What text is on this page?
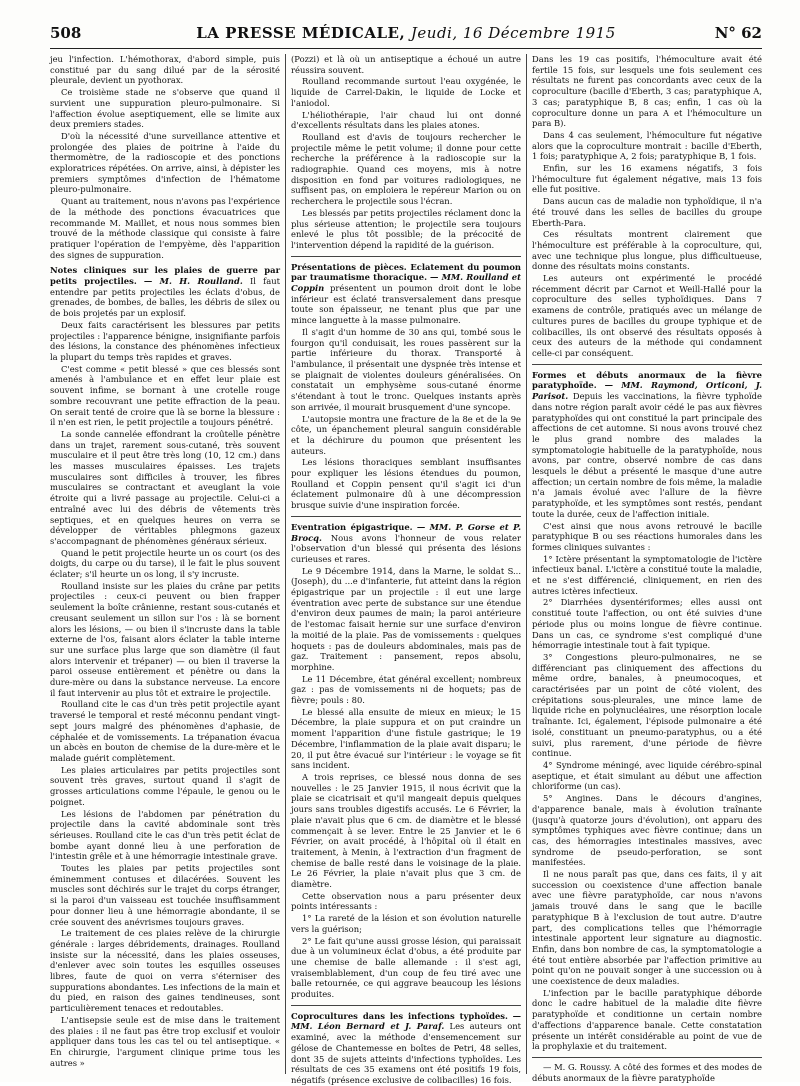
508	LA PRESSE MÉDICALE, Jeudi, 16 Décembre 1915	N° 62

jeu l'infection. L'hémothorax, d'abord simple, puis constitué par du sang dilué par de la sérosité pleurale, devient un pyothorax.

Ce troisième stade ne s'observe que quand il survient une suppuration pleuro-pulmonaire. Si l'affection évolue aseptiquement, elle se limite aux deux premiers stades.

D'où la nécessité d'une surveillance attentive et prolongée des plaies de poitrine à l'aide du thermomètre, de la radioscopie et des ponctions exploratrices répétées. On arrive, ainsi, à dépister les premiers symptômes d'infection de l'hématome pleuro-pulmonaire.

Quant au traitement, nous n'avons pas l'expérience de la méthode des ponctions évacuatrices que recommande M. Maillet, et nous nous sommes bien trouvé de la méthode classique qui consiste à faire pratiquer l'opération de l'empyème, dès l'apparition des signes de suppuration.

Notes cliniques sur les plaies de guerre par petits projectiles. — M. H. Roulland. Il faut entendre par petits projectiles les éclats d'obus, de grenades, de bombes, de balles, les débris de silex ou de bois projetés par un explosif.

Deux faits caractérisent les blessures par petits projectiles : l'apparence bénigne, insignifiante parfois des lésions, la constance des phénomènes infectieux la plupart du temps très rapides et graves.

C'est comme « petit blessé » que ces blessés sont amenés à l'ambulance et en effet leur plaie est souvent infime, se bornant à une crotelle rouge sombre recouvrant une petite effraction de la peau. On serait tenté de croire que là se borne la blessure : il n'en est rien, le petit projectile a toujours pénétré.

La sonde cannelée effondrant la croûtelle pénètre dans un trajet, rarement sous-cutané, très souvent musculaire et il peut être très long (10, 12 cm.) dans les masses musculaires épaisses. Les trajets musculaires sont difficiles à trouver, les fibres musculaires se contractant et aveuglant la voie étroite qui a livré passage au projectile. Celui-ci a entraîné avec lui des débris de vêtements très septiques, et en quelques heures on verra se développer de véritables phlegmons gazeux s'accompagnant de phénomènes généraux sérieux.

Quand le petit projectile heurte un os court (os des doigts, du carpe ou du tarse), il le fait le plus souvent éclater; s'il heurte un os long, il s'y incruste.

Roulland insiste sur les plaies du crâne par petits projectiles : ceux-ci peuvent ou bien frapper seulement la boîte crânienne, restant sous-cutanés et creusant seulement un sillon sur l'os : là se bornent alors les lésions, — ou bien il s'incruste dans la table externe de l'os, faisant alors éclater la table interne sur une surface plus large que son diamètre (il faut alors intervenir et trépaner) — ou bien il traverse la paroi osseuse entièrement et pénètre ou dans la dure-mère ou dans la substance nerveuse. La encore il faut intervenir au plus tôt et extraire le projectile.

Roulland cite le cas d'un très petit projectile ayant traversé le temporal et resté méconnu pendant vingt-sept jours malgré des phénomènes d'aphasie, de céphalée et de vomissements. La trépanation évacua un abcès en bouton de chemise de la dure-mère et le malade guérit complètement.

Les plaies articulaires par petits projectiles sont souvent très graves, surtout quand il s'agit de grosses articulations comme l'épaule, le genou ou le poignet.

Les lésions de l'abdomen par pénétration du projectile dans la cavité abdominale sont très sérieuses. Roulland cite le cas d'un très petit éclat de bombe ayant donné lieu à une perforation de l'intestin grêle et à une hémorragie intestinale grave.

Toutes les plaies par petits projectiles sont éminemment contuses et dilacérées. Souvent les muscles sont déchirés sur le trajet du corps étranger, si la paroi d'un vaisseau est touchée insuffisamment pour donner lieu à une hémorragie abondante, il se crée souvent des anévrismes toujours graves.

Le traitement de ces plaies relève de la chirurgie générale : larges débridements, drainages. Roulland insiste sur la nécessité, dans les plaies osseuses, d'enlever avec soin toutes les esquilles osseuses libres, faute de quoi on verra s'éterniser des suppurations abondantes. Les infections de la main et du pied, en raison des gaines tendineuses, sont particulièrement tenaces et redoutables.

L'antisepsie seule est de mise dans le traitement des plaies : il ne faut pas être trop exclusif et vouloir appliquer dans tous les cas tel ou tel antiseptique. « En chirurgie, l'argument clinique prime tous les autres »

(Pozzi) et là où un antiseptique a échoué un autre réussira souvent.

Roulland recommande surtout l'eau oxygénée, le liquide de Carrel-Dakin, le liquide de Locke et l'aniodol.

L'héliothérapie, l'air chaud lui ont donné d'excellents résultats dans les plaies atones.

Roulland est d'avis de toujours rechercher le projectile même le petit volume; il donne pour cette recherche la préférence à la radioscopie sur la radiographie. Quand ces moyens, mis à notre disposition en fond par voitures radiologiques, ne suffisent pas, on emploiera le repéreur Marion ou on recherchera le projectile sous l'écran.

Les blessés par petits projectiles réclament donc la plus sérieuse attention; le projectile sera toujours enlevé le plus tôt possible; de la précocité de l'intervention dépend la rapidité de la guérison.

Présentations de pièces. Eclatement du poumon par traumatisme thoracique. — MM. Roulland et Coppin présentent un poumon droit dont le lobe inférieur est éclaté transversalement dans presque toute son épaisseur, ne tenant plus que par une mince languette à la masse pulmonaire.

Il s'agit d'un homme de 30 ans qui, tombé sous le fourgon qu'il conduisait, les roues passèrent sur la partie inférieure du thorax. Transporté à l'ambulance, il présentait une dyspnée très intense et se plaignait de violentes douleurs généralisées. On constatait un emphysème sous-cutané énorme s'étendant à tout le tronc. Quelques instants après son arrivée, il mourait brusquement d'une syncope.

L'autopsie montra une fracture de la 8e et de la 9e côte, un épanchement pleural sanguin considérable et la déchirure du poumon que présentent les auteurs.

Les lésions thoraciques semblant insuffisantes pour expliquer les lésions étendues du poumon, Roulland et Coppin pensent qu'il s'agit ici d'un éclatement pulmonaire dû à une décompression brusque suivie d'une inspiration forcée.

Eventration épigastrique. — MM. P. Gorse et P. Brocq. Nous avons l'honneur de vous relater l'observation d'un blessé qui présenta des lésions curieuses et rares.

Le 9 Décembre 1914, dans la Marne, le soldat S... (Joseph), du ...e d'infanterie, fut atteint dans la région épigastrique par un projectile : il eut une large éventration avec perte de substance sur une étendue d'environ deux paumes de main; la paroi antérieure de l'estomac faisait hernie sur une surface d'environ la moitié de la plaie. Pas de vomissements : quelques hoquets : pas de douleurs abdominales, mais pas de gaz. Traitement : pansement, repos absolu, morphine.

Le 11 Décembre, état général excellent; nombreux gaz : pas de vomissements ni de hoquets; pas de fièvre; pouls : 80.

Le blessé alla ensuite de mieux en mieux; le 15 Décembre, la plaie suppura et on put craindre un moment l'apparition d'une fistule gastrique; le 19 Décembre, l'inflammation de la plaie avait disparu; le 20, il put être évacué sur l'intérieur : le voyage se fit sans incident.

A trois reprises, ce blessé nous donna de ses nouvelles : le 25 Janvier 1915, il nous écrivit que la plaie se cicatrisait et qu'il mangeait depuis quelques jours sans troubles digestifs accusés. Le 6 Février, la plaie n'avait plus que 6 cm. de diamètre et le blessé commençait à se lever. Entre le 25 Janvier et le 6 Février, on avait procédé, à l'hôpital où il était en traitement, à Menin, à l'extraction d'un fragment de chemise de balle resté dans le voisinage de la plaie. Le 26 Février, la plaie n'avait plus que 3 cm. de diamètre.

Cette observation nous a paru présenter deux points intéressants :

1° La rareté de la lésion et son évolution naturelle vers la guérison;

2° Le fait qu'une aussi grosse lésion, qui paraissait due à un volumineux éclat d'obus, a été produite par une chemise de balle allemande : il s'est agi, vraisemblablement, d'un coup de feu tiré avec une balle retournée, ce qui aggrave beaucoup les lésions produites.

Coprocultures dans les infections typhoïdes. — MM. Léon Bernard et J. Paraf. Les auteurs ont examiné, avec la méthode d'ensemencement sur gélose de Chantemesse en boîtes de Petri, 48 selles, dont 35 de sujets atteints d'infections typhoïdes. Les résultats de ces 35 examens ont été positifs 19 fois, négatifs (présence exclusive de colibacilles) 16 fois.

Dans les 19 cas positifs, l'hémoculture avait été fertile 15 fois, sur lesquels une fois seulement ces résultats ne furent pas concordants avec ceux de la coproculture (bacille d'Eberth, 3 cas; paratyphique A, 3 cas; paratyphique B, 8 cas; enfin, 1 cas où la coproculture donne un para A et l'hémoculture un para B).

Dans 4 cas seulement, l'hémoculture fut négative alors que la coproculture montrait : bacille d'Eberth, 1 fois; paratyphique A, 2 fois; paratyphique B, 1 fois.

Enfin, sur les 16 examens négatifs, 3 fois l'hémoculture fut également négative, mais 13 fois elle fut positive.

Dans aucun cas de maladie non typhoïdique, il n'a été trouvé dans les selles de bacilles du groupe Eberth-Para.

Ces résultats montrent clairement que l'hémoculture est préférable à la coproculture, qui, avec une technique plus longue, plus difficultueuse, donne des résultats moins constants.

Les auteurs ont expérimenté le procédé récemment décrit par Carnot et Weill-Hallé pour la coproculture des selles typhoïdiques. Dans 7 examens de contrôle, pratiqués avec un mélange de cultures pures de bacilles du groupe typhique et de colibacilles, ils ont observé des résultats opposés à ceux des auteurs de la méthode qui condamnent celle-ci par conséquent.

Formes et débuts anormaux de la fièvre paratyphoïde. — MM. Raymond, Orticoni, J. Parisot. Depuis les vaccinations, la fièvre typhoïde dans notre région paraît avoir cédé le pas aux fièvres paratyphoïdes qui ont constitué la part principale des affections de cet automne. Si nous avons trouvé chez le plus grand nombre des malades la symptomatologie habituelle de la paratyphoïde, nous avons, par contre, observé nombre de cas dans lesquels le début a présenté le masque d'une autre affection; un certain nombre de fois même, la maladie n'a jamais évolué avec l'allure de la fièvre paratyphoïde, et les symptômes sont restés, pendant toute la durée, ceux de l'affection initiale.

C'est ainsi que nous avons retrouvé le bacille paratyphique B ou ses réactions humorales dans les formes cliniques suivantes :

1° Ictère présentant la symptomatologie de l'ictère infectieux banal. L'ictère a constitué toute la maladie, et ne s'est différencié, cliniquement, en rien des autres ictères infectieux.

2° Diarrhées dysentériformes; elles aussi ont constitué toute l'affection, ou ont été suivies d'une période plus ou moins longue de fièvre continue. Dans un cas, ce syndrome s'est compliqué d'une hémorragie intestinale tout à fait typique.

3° Congestions pleuro-pulmonaires, ne se différenciant pas cliniquement des affections du même ordre, banales, à pneumocoques, et caractérisées par un point de côté violent, des crépitations sous-pleurales, une mince lame de liquide riche en polynucléaires, une résorption locale traînante. Ici, également, l'épisode pulmonaire a été isolé, constituant un pneumo-paratyphus, ou a été suivi, plus rarement, d'une période de fièvre continue.

4° Syndrome méningé, avec liquide cérébro-spinal aseptique, et était simulant au début une affection chloriforme (un cas).

5° Angines. Dans le décours d'angines, d'apparence banale, mais à évolution traînante (jusqu'à quatorze jours d'évolution), ont apparu des symptômes typhiques avec fièvre continue; dans un cas, des hémorragies intestinales massives, avec syndrome de pseudo-perforation, se sont manifestées.

Il ne nous paraît pas que, dans ces faits, il y ait succession ou coexistence d'une affection banale avec une fièvre paratyphoïde, car nous n'avons jamais trouvé dans le sang que le bacille paratyphique B à l'exclusion de tout autre. D'autre part, des complications telles que l'hémorragie intestinale apportent leur signature au diagnostic. Enfin, dans bon nombre de cas, la symptomatologie a été tout entière absorbée par l'affection primitive au point qu'on ne pouvait songer à une succession ou à une coexistence de deux maladies.

L'infection par le bacille paratyphique déborde donc le cadre habituel de la maladie dite fièvre paratyphoïde et conditionne un certain nombre d'affections d'apparence banale. Cette constatation présente un intérêt considérable au point de vue de la prophylaxie et du traitement.

— M. G. Roussy. A côté des formes et des modes de débuts anormaux de la fièvre paratyphoïde
